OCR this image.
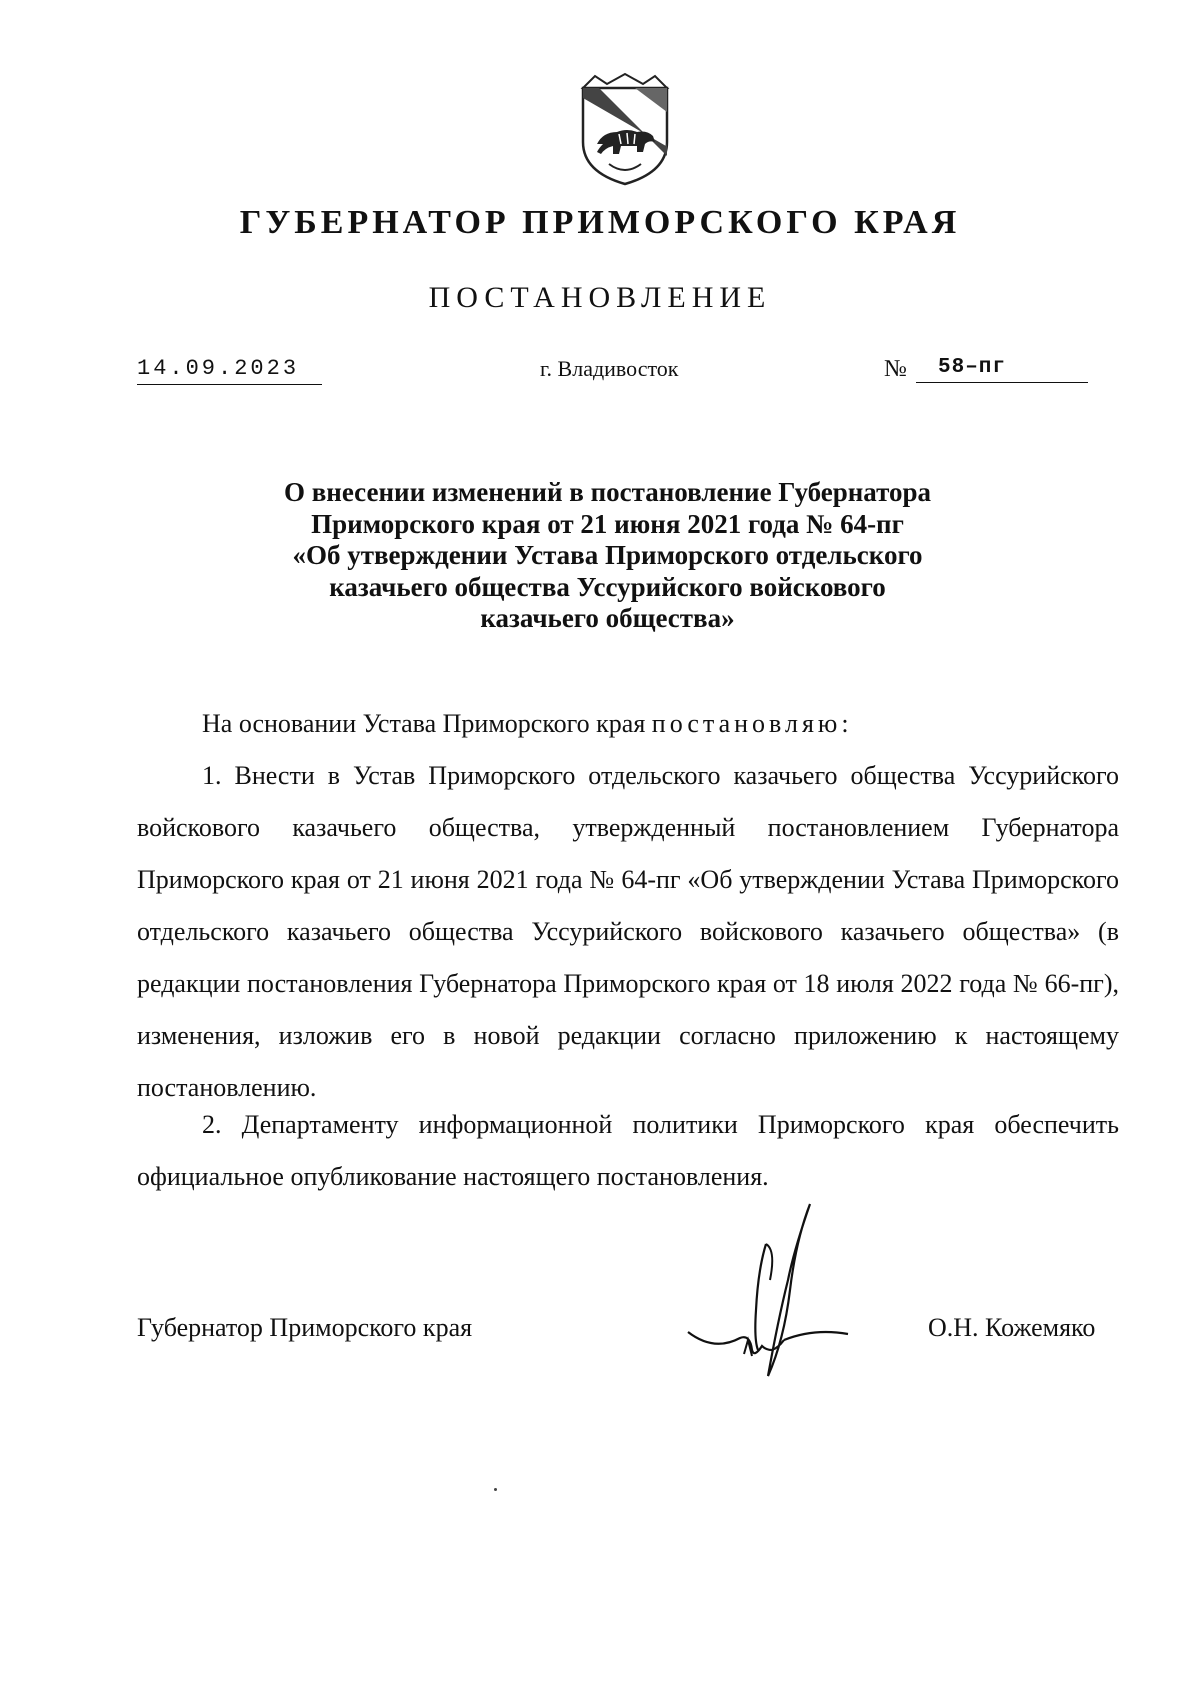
ГУБЕРНАТОР ПРИМОРСКОГО КРАЯ
ПОСТАНОВЛЕНИЕ
14.09.2023	г. Владивосток	№ 58–пг
О внесении изменений в постановление Губернатора
Приморского края от 21 июня 2021 года № 64-пг
«Об утверждении Устава Приморского отдельского
казачьего общества Уссурийского войскового
казачьего общества»
На основании Устава Приморского края постановляю:
1. Внести в Устав Приморского отдельского казачьего общества Уссурийского войскового казачьего общества, утвержденный постановлением Губернатора Приморского края от 21 июня 2021 года № 64-пг «Об утверждении Устава Приморского отдельского казачьего общества Уссурийского войскового казачьего общества» (в редакции постановления Губернатора Приморского края от 18 июля 2022 года № 66-пг), изменения, изложив его в новой редакции согласно приложению к настоящему постановлению.
2. Департаменту информационной политики Приморского края обеспечить официальное опубликование настоящего постановления.
Губернатор Приморского края	О.Н. Кожемяко
